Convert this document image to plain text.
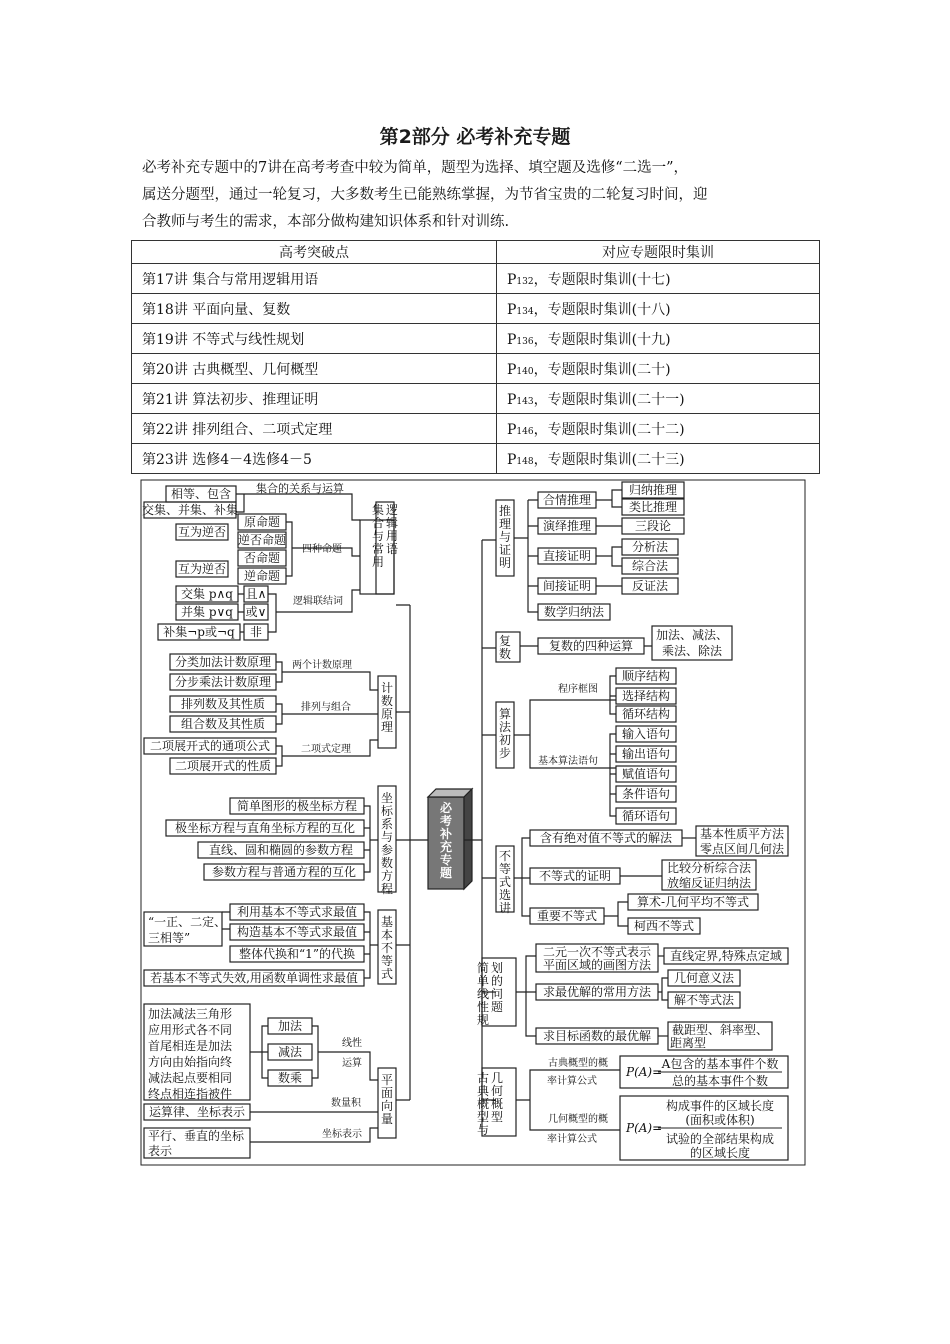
第2部分 必考补充专题

必考补充专题中的7讲在高考考查中较为简单，题型为选择、填空题及选修“二选一”，

属送分题型，通过一轮复习，大多数考生已能熟练掌握，为节省宝贵的二轮复习时间，迎

合教师与考生的需求，本部分做构建知识体系和针对训练.

高考突破点	对应专题限时集训
第17讲 集合与常用逻辑用语	P132，专题限时集训(十七)
第18讲 平面向量、复数	P134，专题限时集训(十八)
第19讲 不等式与线性规划	P136，专题限时集训(十九)
第20讲 古典概型、几何概型	P140，专题限时集训(二十)
第21讲 算法初步、推理证明	P143，专题限时集训(二十一)
第22讲 排列组合、二项式定理	P146，专题限时集训(二十二)
第23讲 选修4－4选修4－5	P148，专题限时集训(二十三)
必考补充专题
相等、包含
交集、并集、补集
集合的关系与运算
互为逆否
原命题
逆否命题
互为逆否
否命题
逆命题
四种命题
交集 p∧q 且∧
并集 p∨q 或∨
补集¬p或¬q 非
逻辑联结词
集合与常用逻辑用语
分类加法计数原理
分步乘法计数原理
两个计数原理
排列数及其性质
组合数及其性质
排列与组合
二项展开式的通项公式
二项展开式的性质
二项式定理
计数原理
简单图形的极坐标方程
极坐标方程与直角坐标方程的互化
直线、圆和椭圆的参数方程
参数方程与普通方程的互化
坐标系与参数方程
“一正、二定、
三相等”
利用基本不等式求最值
构造基本不等式求最值
整体代换和“1”的代换
若基本不等式失效,用函数单调性求最值
基本不等式
加法减法三角形
应用形式各不同
首尾相连是加法
方向由始指向终
减法起点要相同
终点相连指被件
加法
减法
数乘
线性运算
数量积
运算律、坐标表示
坐标表示
平行、垂直的坐标
表示
平面向量
推理与证明
合情推理
归纳推理
类比推理
演绎推理	三段论
直接证明
分析法
综合法
间接证明	反证法
数学归纳法
复数
复数的四种运算
加法、减法、
乘法、除法
算法初步
程序框图
顺序结构
选择结构
循环结构
基本算法语句
输入语句
输出语句
赋值语句
条件语句
循环语句
不等式选讲
含有绝对值不等式的解法 基本性质平方法
零点区间几何法
不等式的证明
比较分析综合法
放缩反证归纳法
重要不等式
算术-几何平均不等式
柯西不等式
简单线性规划的问题
二元一次不等式表示
平面区域的画图方法
直线定界,特殊点定域
求最优解的常用方法
几何意义法
解不等式法
求目标函数的最优解 截距型、斜率型、
距离型
古典概型与几何概型
古典概型的概
率计算公式
P(A)=
A包含的基本事件个数
总的基本事件个数
几何概型的概
率计算公式
P(A)=
构成事件的区域长度
(面积或体积)
试验的全部结果构成
的区域长度
